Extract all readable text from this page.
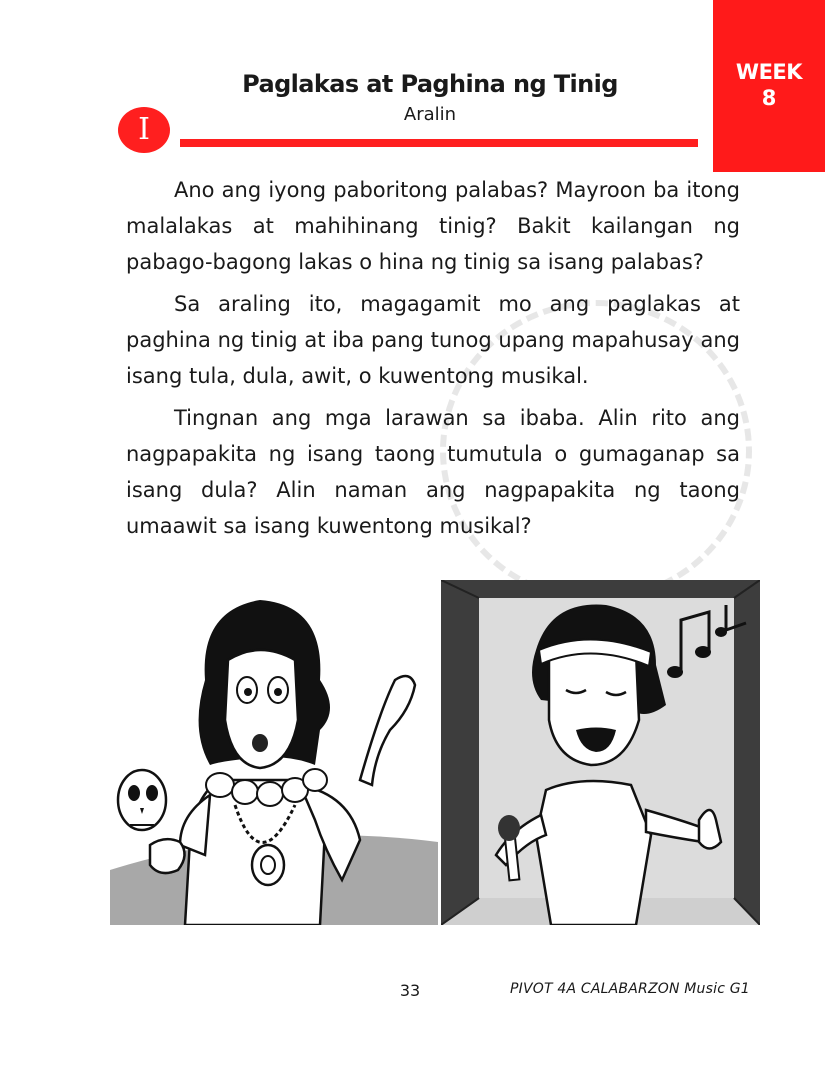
WEEK
8
Paglakas at Paghina ng Tinig
Aralin
I

Ano ang iyong paboritong palabas? Mayroon ba itong malalakas at mahihinang tinig? Bakit kailangan ng pabago-bagong lakas o hina ng tinig sa isang palabas?

Sa araling ito, magagamit mo ang paglakas at paghina ng tinig at iba pang tunog upang mapahusay ang isang tula, dula, awit, o kuwentong musikal.

Tingnan ang mga larawan sa ibaba. Alin rito ang nagpapakita ng isang taong tumutula o gumaganap sa isang dula? Alin naman ang nagpapakita ng taong umaawit sa isang kuwentong musikal?

33	PIVOT 4A CALABARZON Music G1
